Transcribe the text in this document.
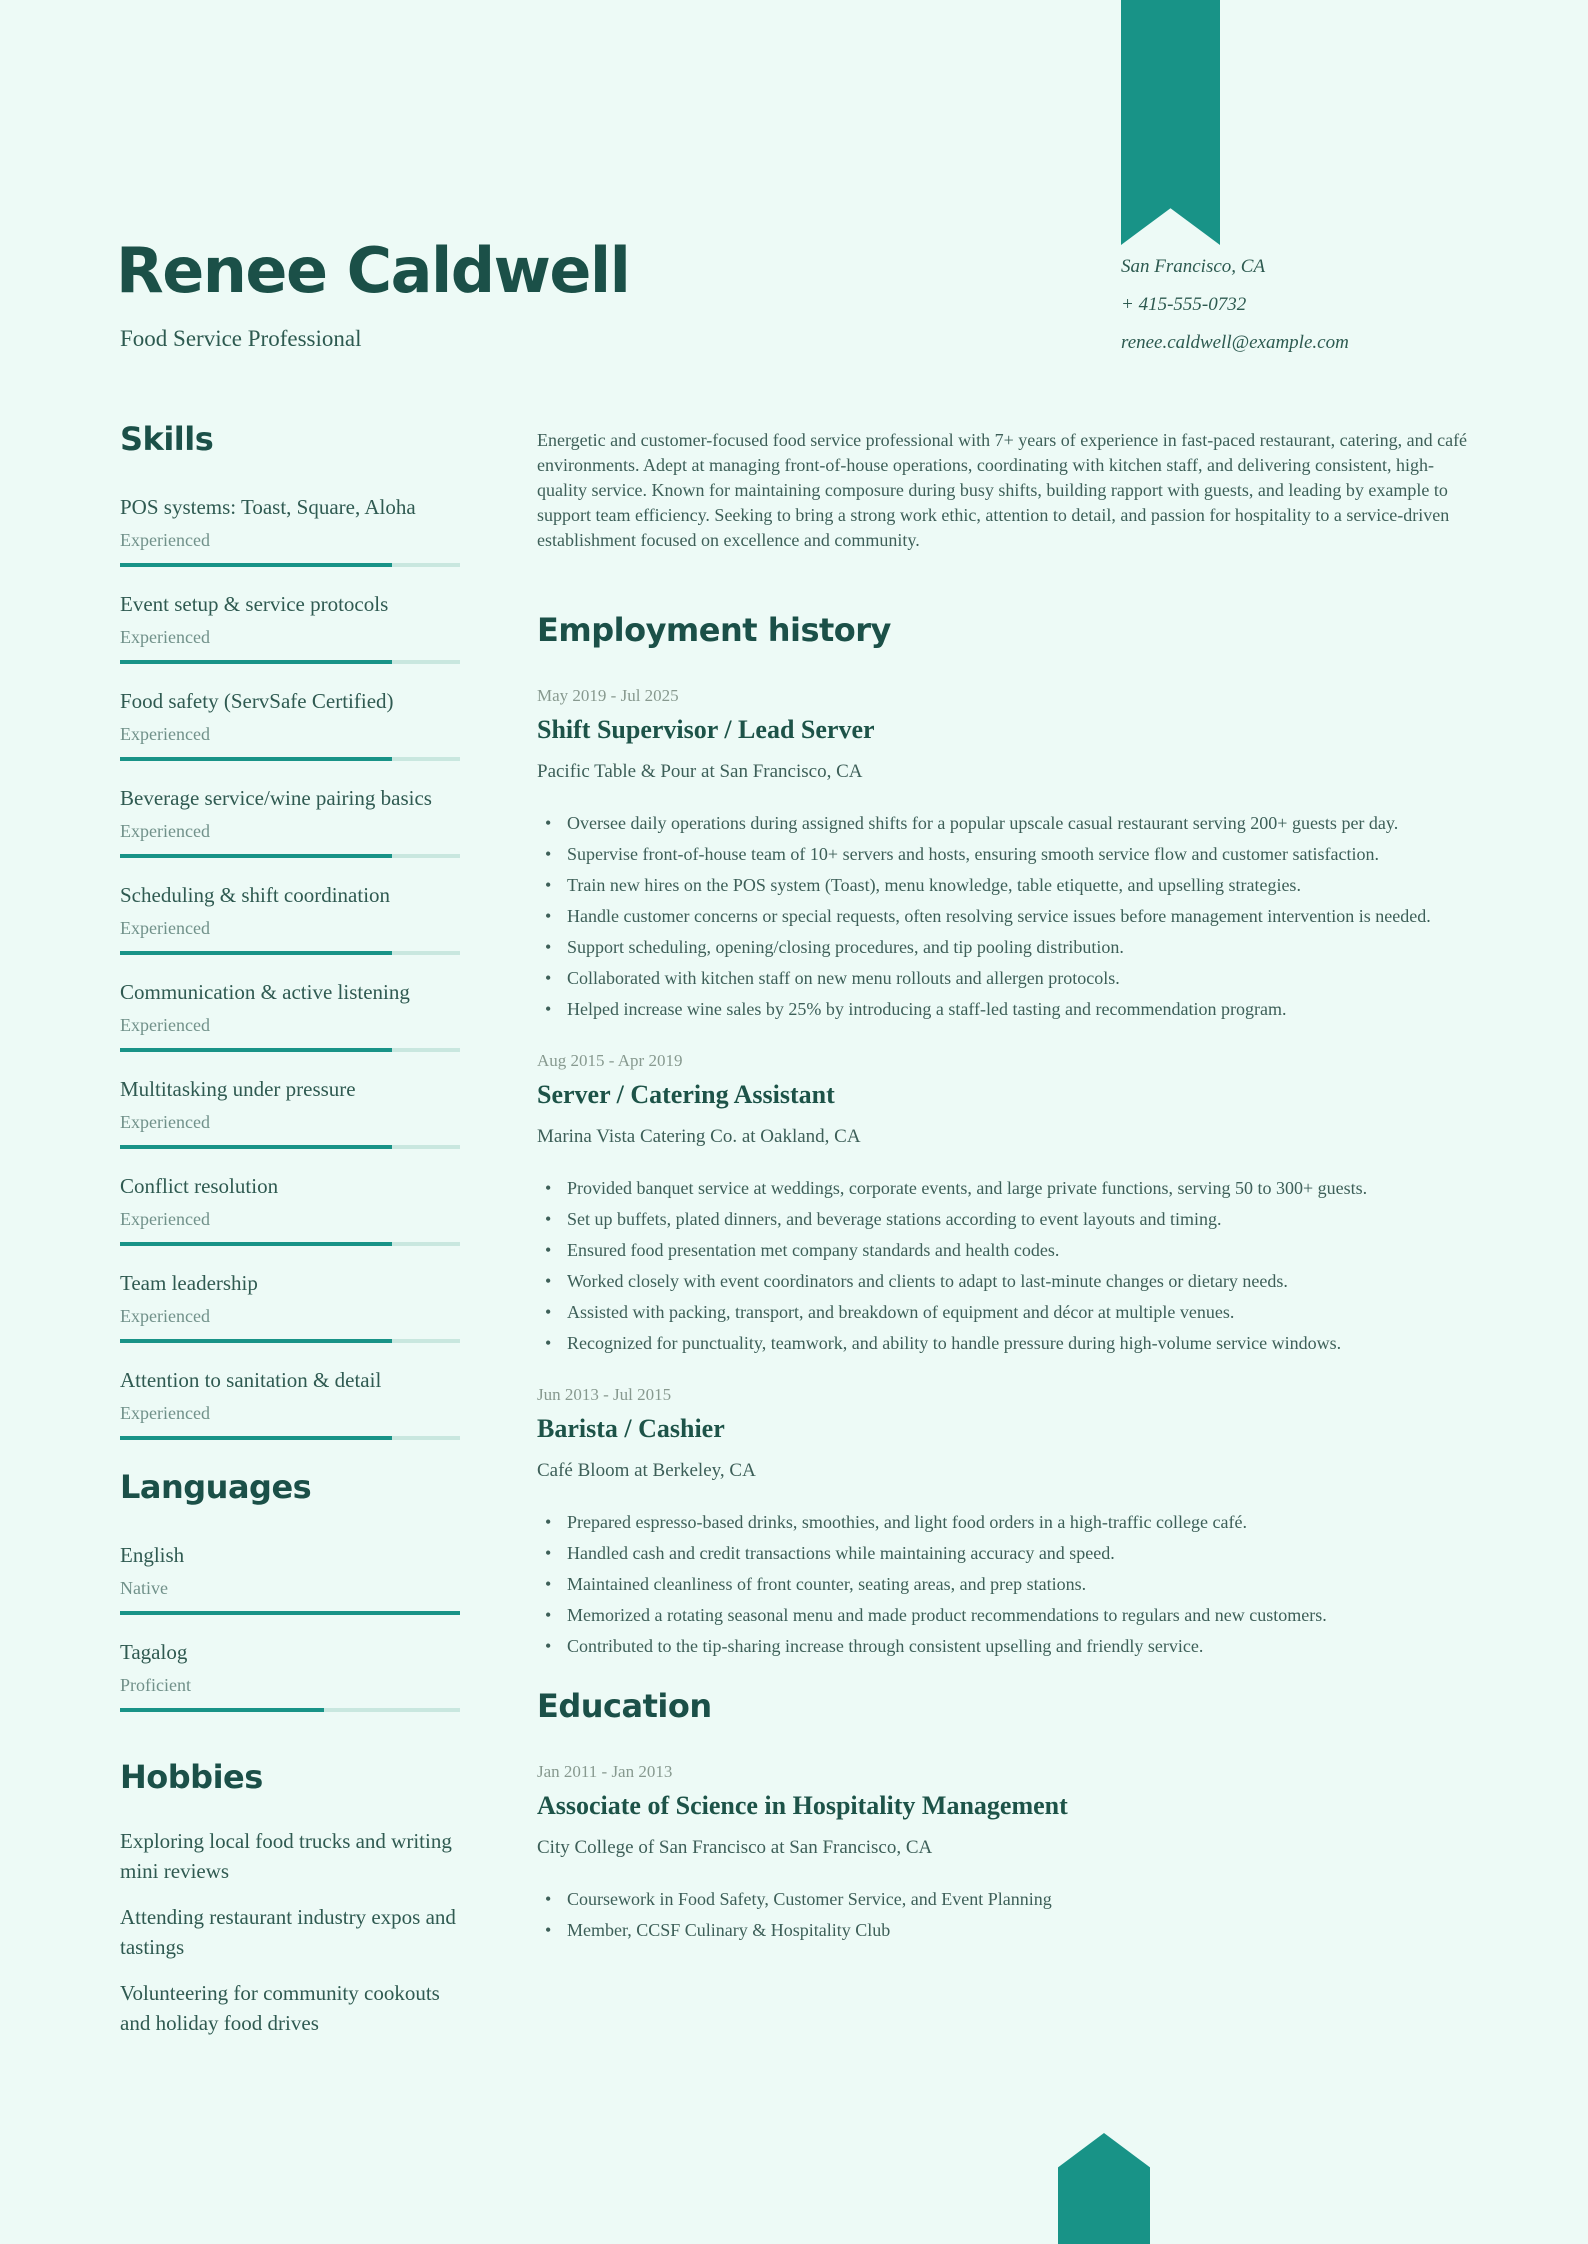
Renee Caldwell
Food Service Professional
San Francisco, CA
+ 415-555-0732
renee.caldwell@example.com
Skills
POS systems: Toast, Square, Aloha
Experienced
Event setup & service protocols
Experienced
Food safety (ServSafe Certified)
Experienced
Beverage service/wine pairing basics
Experienced
Scheduling & shift coordination
Experienced
Communication & active listening
Experienced
Multitasking under pressure
Experienced
Conflict resolution
Experienced
Team leadership
Experienced
Attention to sanitation & detail
Experienced
Languages
English
Native
Tagalog
Proficient
Hobbies
Exploring local food trucks and writing mini reviews
Attending restaurant industry expos and tastings
Volunteering for community cookouts and holiday food drives

Energetic and customer-focused food service professional with 7+ years of experience in fast-paced restaurant, catering, and café environments. Adept at managing front-of-house operations, coordinating with kitchen staff, and delivering consistent, high-quality service. Known for maintaining composure during busy shifts, building rapport with guests, and leading by example to support team efficiency. Seeking to bring a strong work ethic, attention to detail, and passion for hospitality to a service-driven establishment focused on excellence and community.

Employment history
May 2019 - Jul 2025
Shift Supervisor / Lead Server
Pacific Table & Pour at San Francisco, CA
• Oversee daily operations during assigned shifts for a popular upscale casual restaurant serving 200+ guests per day.
• Supervise front-of-house team of 10+ servers and hosts, ensuring smooth service flow and customer satisfaction.
• Train new hires on the POS system (Toast), menu knowledge, table etiquette, and upselling strategies.
• Handle customer concerns or special requests, often resolving service issues before management intervention is needed.
• Support scheduling, opening/closing procedures, and tip pooling distribution.
• Collaborated with kitchen staff on new menu rollouts and allergen protocols.
• Helped increase wine sales by 25% by introducing a staff-led tasting and recommendation program.
Aug 2015 - Apr 2019
Server / Catering Assistant
Marina Vista Catering Co. at Oakland, CA
• Provided banquet service at weddings, corporate events, and large private functions, serving 50 to 300+ guests.
• Set up buffets, plated dinners, and beverage stations according to event layouts and timing.
• Ensured food presentation met company standards and health codes.
• Worked closely with event coordinators and clients to adapt to last-minute changes or dietary needs.
• Assisted with packing, transport, and breakdown of equipment and décor at multiple venues.
• Recognized for punctuality, teamwork, and ability to handle pressure during high-volume service windows.
Jun 2013 - Jul 2015
Barista / Cashier
Café Bloom at Berkeley, CA
• Prepared espresso-based drinks, smoothies, and light food orders in a high-traffic college café.
• Handled cash and credit transactions while maintaining accuracy and speed.
• Maintained cleanliness of front counter, seating areas, and prep stations.
• Memorized a rotating seasonal menu and made product recommendations to regulars and new customers.
• Contributed to the tip-sharing increase through consistent upselling and friendly service.
Education
Jan 2011 - Jan 2013
Associate of Science in Hospitality Management
City College of San Francisco at San Francisco, CA
• Coursework in Food Safety, Customer Service, and Event Planning
• Member, CCSF Culinary & Hospitality Club
